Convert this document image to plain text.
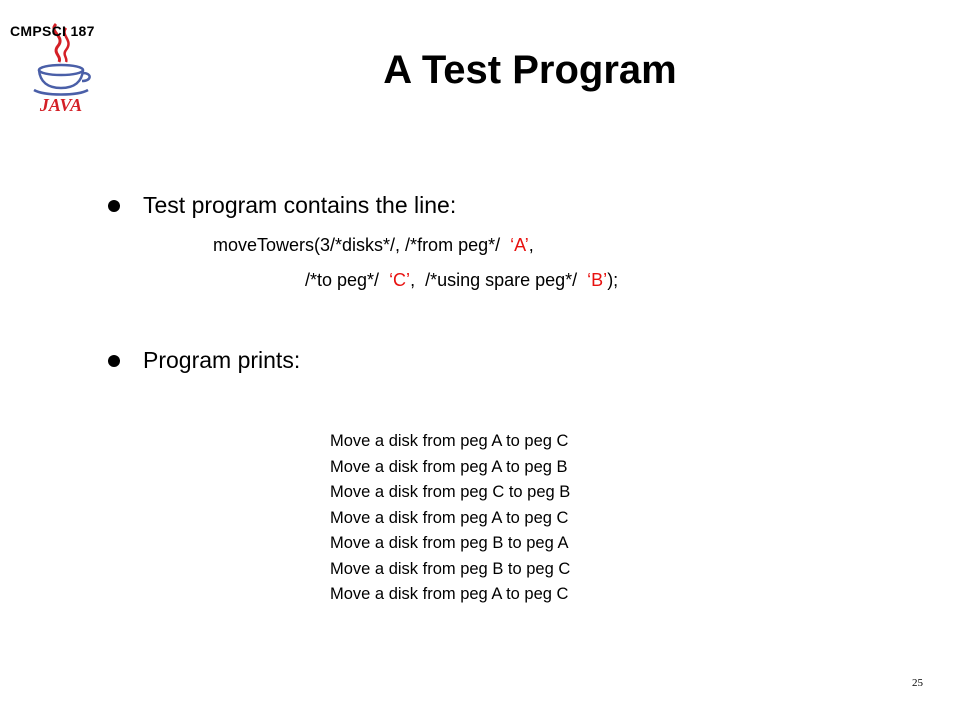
JAVA
CMPSCI 187
A Test Program
Test program contains the line:
moveTowers(3/*disks*/, /*from peg*/  ‘A’,
/*to peg*/  ‘C’,  /*using spare peg*/  ‘B’);
Program prints:
Move a disk from peg A to peg C
Move a disk from peg A to peg B
Move a disk from peg C to peg B
Move a disk from peg A to peg C
Move a disk from peg B to peg A
Move a disk from peg B to peg C
Move a disk from peg A to peg C
25
